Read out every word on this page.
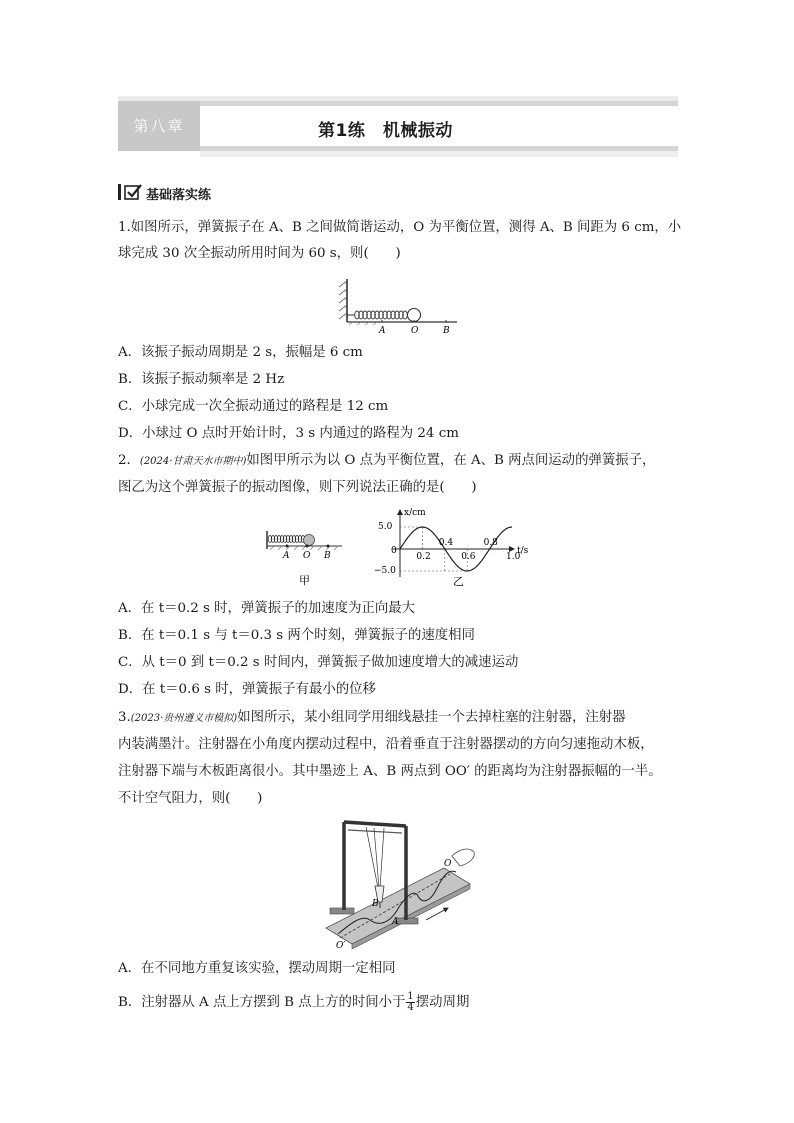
第八章	第1练　机械振动
基础落实练
1.如图所示，弹簧振子在 A、B 之间做简谐运动，O 为平衡位置，测得 A、B 间距为 6 cm，小
球完成 30 次全振动所用时间为 60 s，则(　　)
A	O	B
A．该振子振动周期是 2 s，振幅是 6 cm
B．该振子振动频率是 2 Hz
C．小球完成一次全振动通过的路程是 12 cm
D．小球过 O 点时开始计时，3 s 内通过的路程为 24 cm
2．(2024·甘肃天水市期中)如图甲所示为以 O 点为平衡位置，在 A、B 两点间运动的弹簧振子，
图乙为这个弹簧振子的振动图像，则下列说法正确的是(　　)
A O B
甲
0.2
0.4
0.6
0.8
1.0
5.0
−5.0
0
x/cm
t/s
乙
A．在 t＝0.2 s 时，弹簧振子的加速度为正向最大
B．在 t＝0.1 s 与 t＝0.3 s 两个时刻，弹簧振子的速度相同
C．从 t＝0 到 t＝0.2 s 时间内，弹簧振子做加速度增大的减速运动
D．在 t＝0.6 s 时，弹簧振子有最小的位移
3.(2023·贵州遵义市模拟)如图所示，某小组同学用细线悬挂一个去掉柱塞的注射器，注射器
内装满墨汁。注射器在小角度内摆动过程中，沿着垂直于注射器摆动的方向匀速拖动木板，
注射器下端与木板距离很小。其中墨迹上 A、B 两点到 OO′ 的距离均为注射器振幅的一半。
不计空气阻力，则(　　)
B
A
O
O′
A．在不同地方重复该实验，摆动周期一定相同
B．注射器从 A 点上方摆到 B 点上方的时间小于 $\frac{1}{4}$ 摆动周期
